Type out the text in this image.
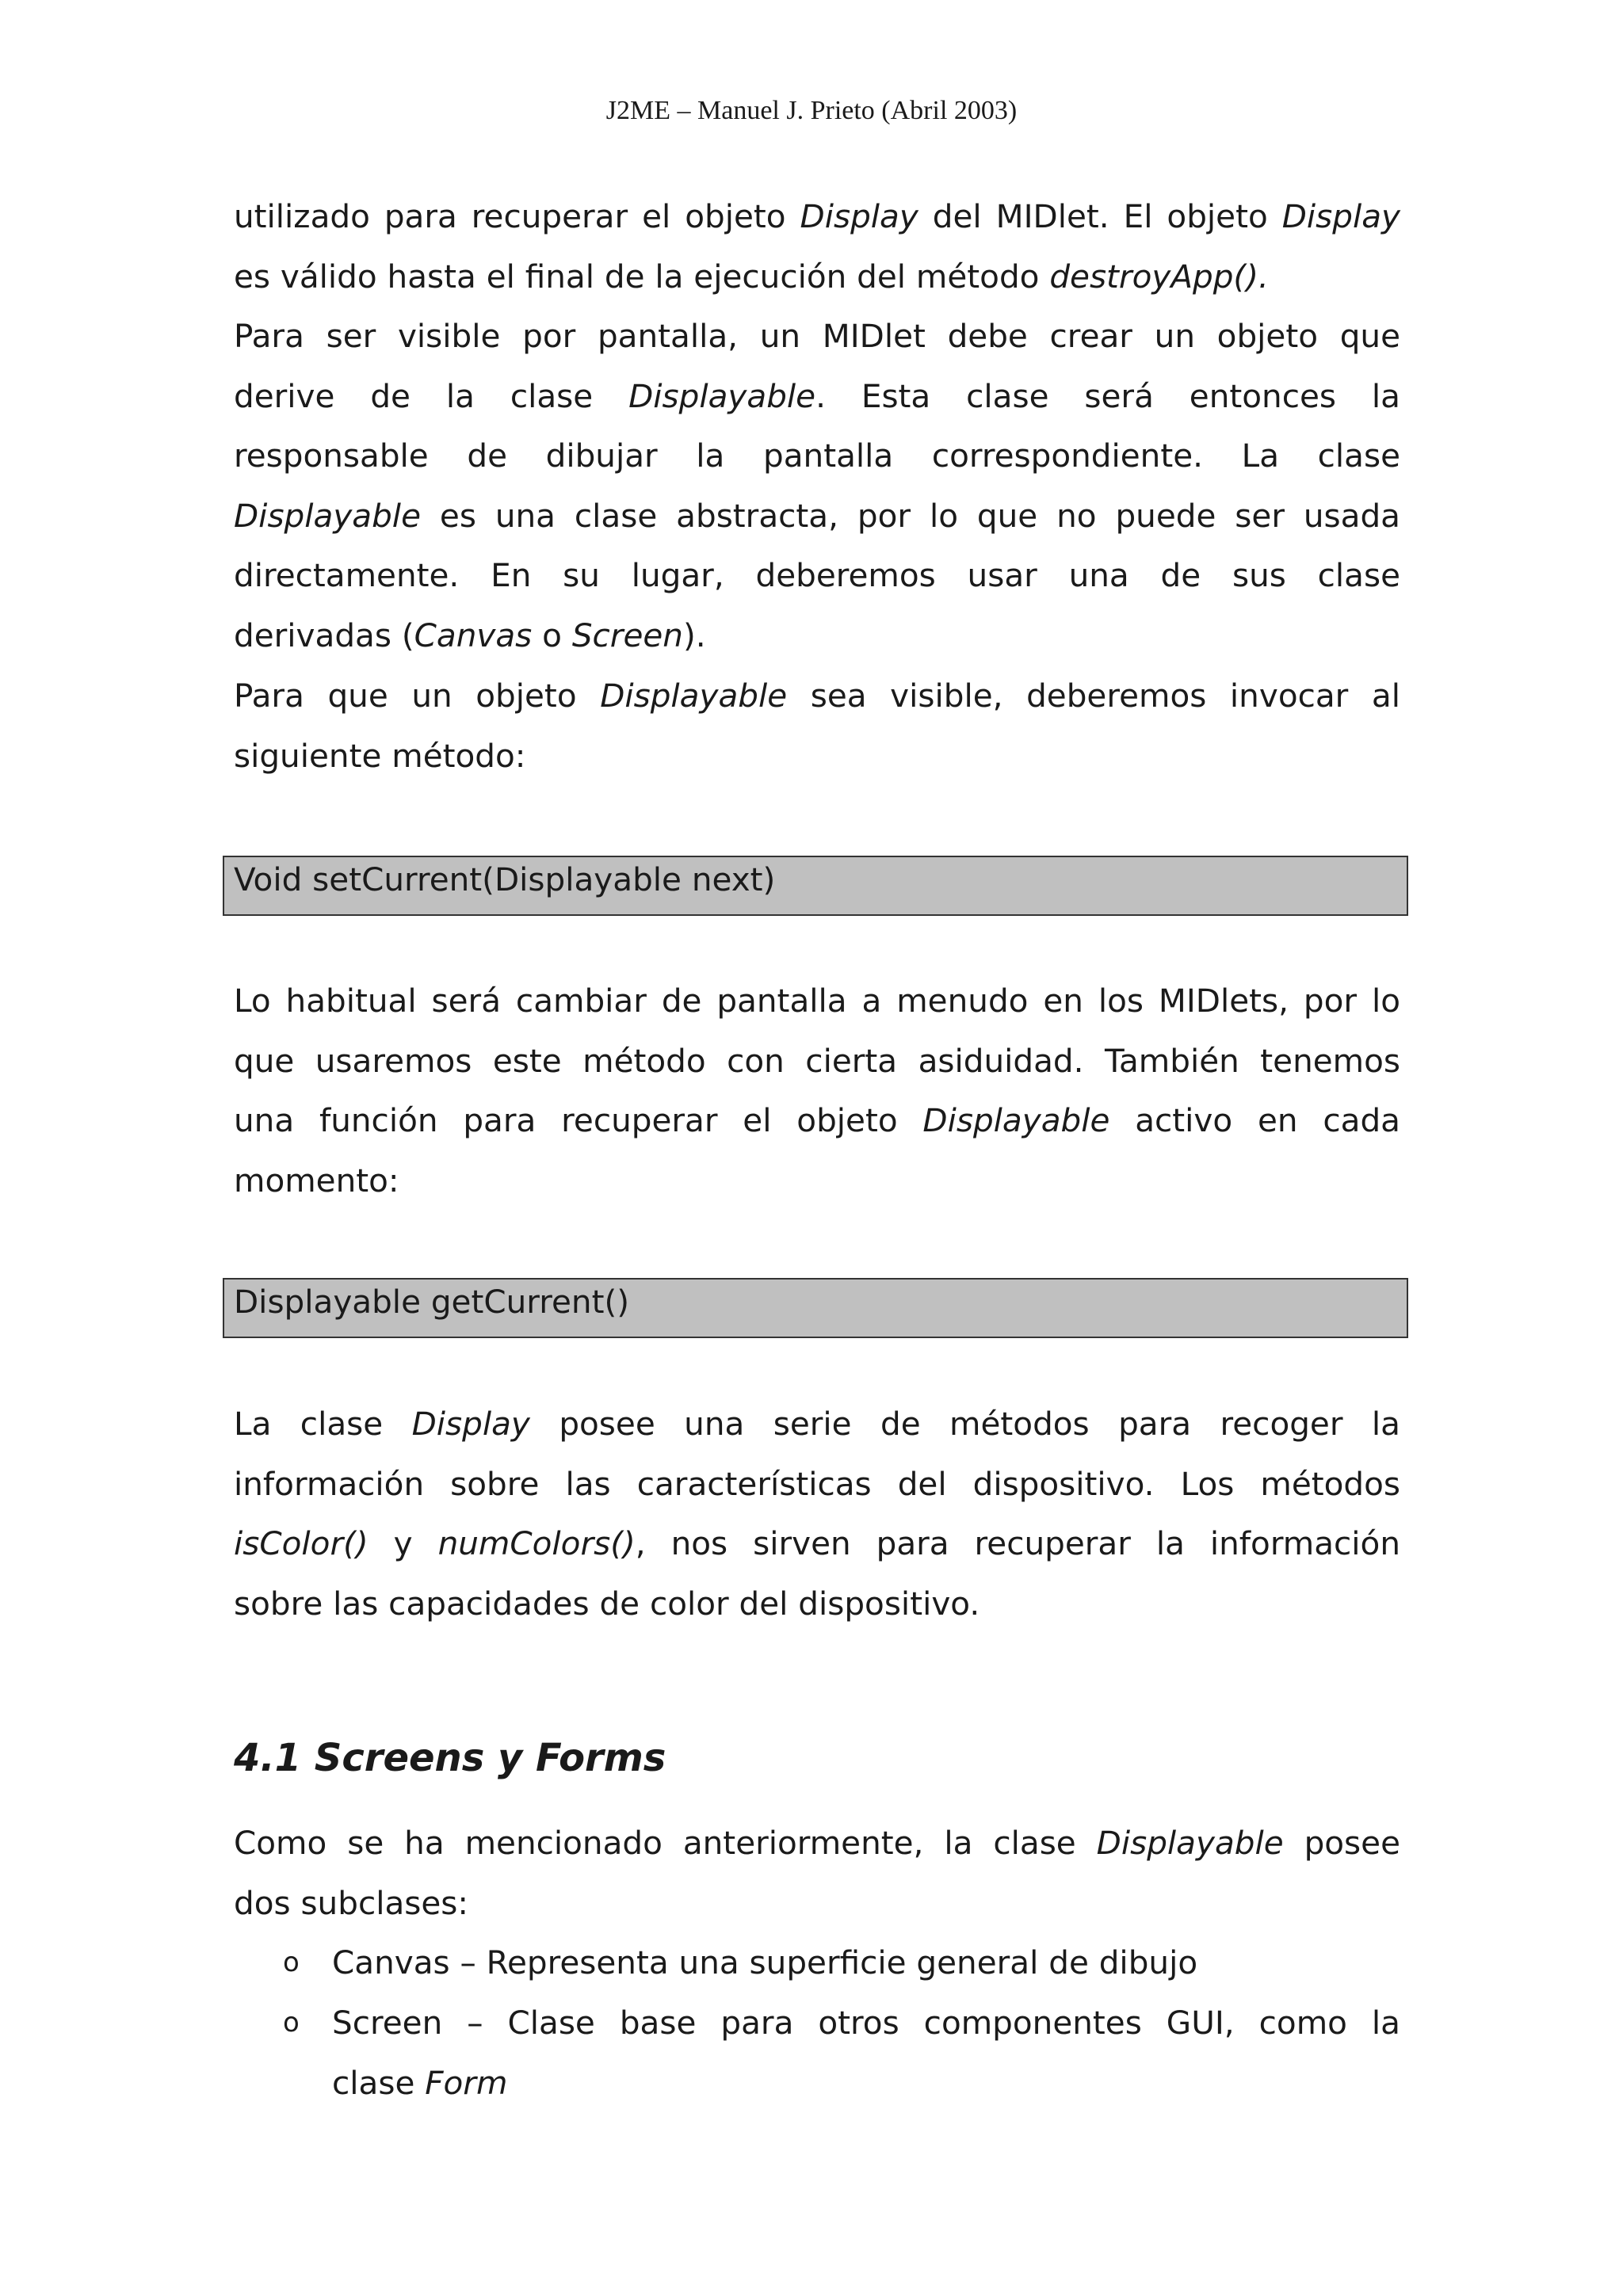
J2ME – Manuel J. Prieto (Abril 2003)
utilizado para recuperar el objeto Display del MIDlet. El objeto Display
es válido hasta el final de la ejecución del método destroyApp().
Para ser visible por pantalla, un MIDlet debe crear un objeto que
derive de la clase Displayable. Esta clase será entonces la
responsable de dibujar la pantalla correspondiente. La clase
Displayable es una clase abstracta, por lo que no puede ser usada
directamente. En su lugar, deberemos usar una de sus clase
derivadas (Canvas o Screen).
Para que un objeto Displayable sea visible, deberemos invocar al
siguiente método:
Void setCurrent(Displayable next)
Lo habitual será cambiar de pantalla a menudo en los MIDlets, por lo
que usaremos este método con cierta asiduidad. También tenemos
una función para recuperar el objeto Displayable activo en cada
momento:
Displayable getCurrent()
La clase Display posee una serie de métodos para recoger la
información sobre las características del dispositivo. Los métodos
isColor() y numColors(), nos sirven para recuperar la información
sobre las capacidades de color del dispositivo.
4.1 Screens y Forms
Como se ha mencionado anteriormente, la clase Displayable posee
dos subclases:
o Canvas – Representa una superficie general de dibujo
o Screen – Clase base para otros componentes GUI, como la
clase Form
